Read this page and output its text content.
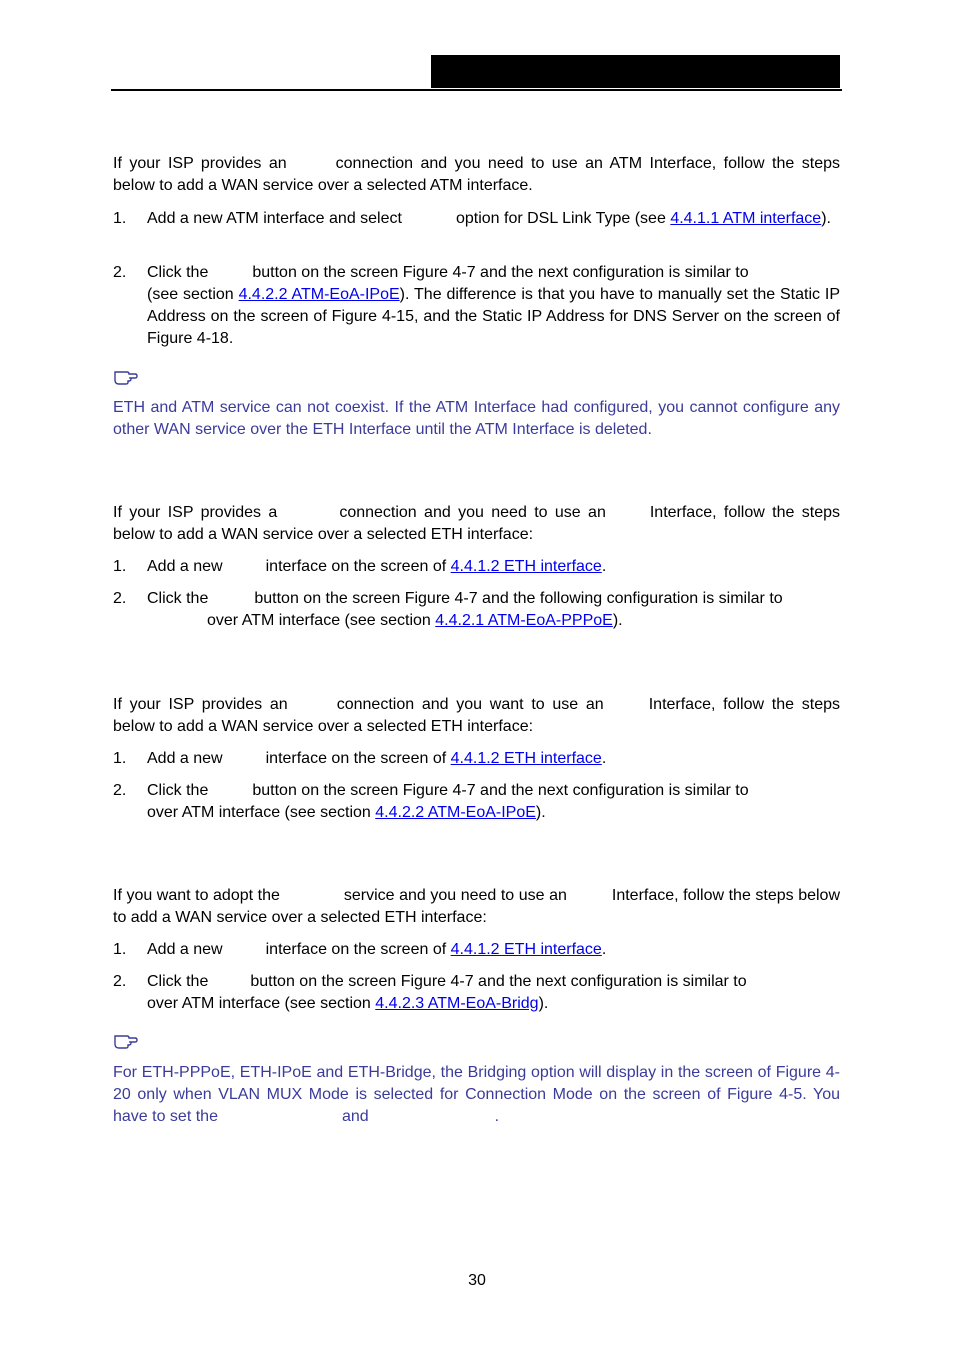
If your ISP provides an	connection and you need to use an ATM Interface, follow the steps below to add a WAN service over a selected ATM interface.

1. Add a new ATM interface and select	option for DSL Link Type (see 4.4.1.1 ATM interface).
2. Click the	button on the screen Figure 4-7 and the next configuration is similar to
(see section 4.4.2.2 ATM-EoA-IPoE). The difference is that you have to manually set the Static IP Address on the screen of Figure 4-15, and the Static IP Address for DNS Server on the screen of Figure 4-18.

ETH and ATM service can not coexist. If the ATM Interface had configured, you cannot configure any other WAN service over the ETH Interface until the ATM Interface is deleted.

If your ISP provides a	connection and you need to use an	Interface, follow the steps below to add a WAN service over a selected ETH interface:

1. Add a new	interface on the screen of 4.4.1.2 ETH interface.
2. Click the	button on the screen Figure 4-7 and the following configuration is similar to
over ATM interface (see section 4.4.2.1 ATM-EoA-PPPoE).

If your ISP provides an	connection and you want to use an	Interface, follow the steps below to add a WAN service over a selected ETH interface:

1. Add a new	interface on the screen of 4.4.1.2 ETH interface.
2. Click the	button on the screen Figure 4-7 and the next configuration is similar to
over ATM interface (see section 4.4.2.2 ATM-EoA-IPoE).

If you want to adopt the	service and you need to use an	Interface, follow the steps below to add a WAN service over a selected ETH interface:

1. Add a new	interface on the screen of 4.4.1.2 ETH interface.
2. Click the	button on the screen Figure 4-7 and the next configuration is similar to
over ATM interface (see section 4.4.2.3 ATM-EoA-Bridg).

For ETH-PPPoE, ETH-IPoE and ETH-Bridge, the Bridging option will display in the screen of Figure 4-20 only when VLAN MUX Mode is selected for Connection Mode on the screen of Figure 4-5. You have to set the	and	.

30
